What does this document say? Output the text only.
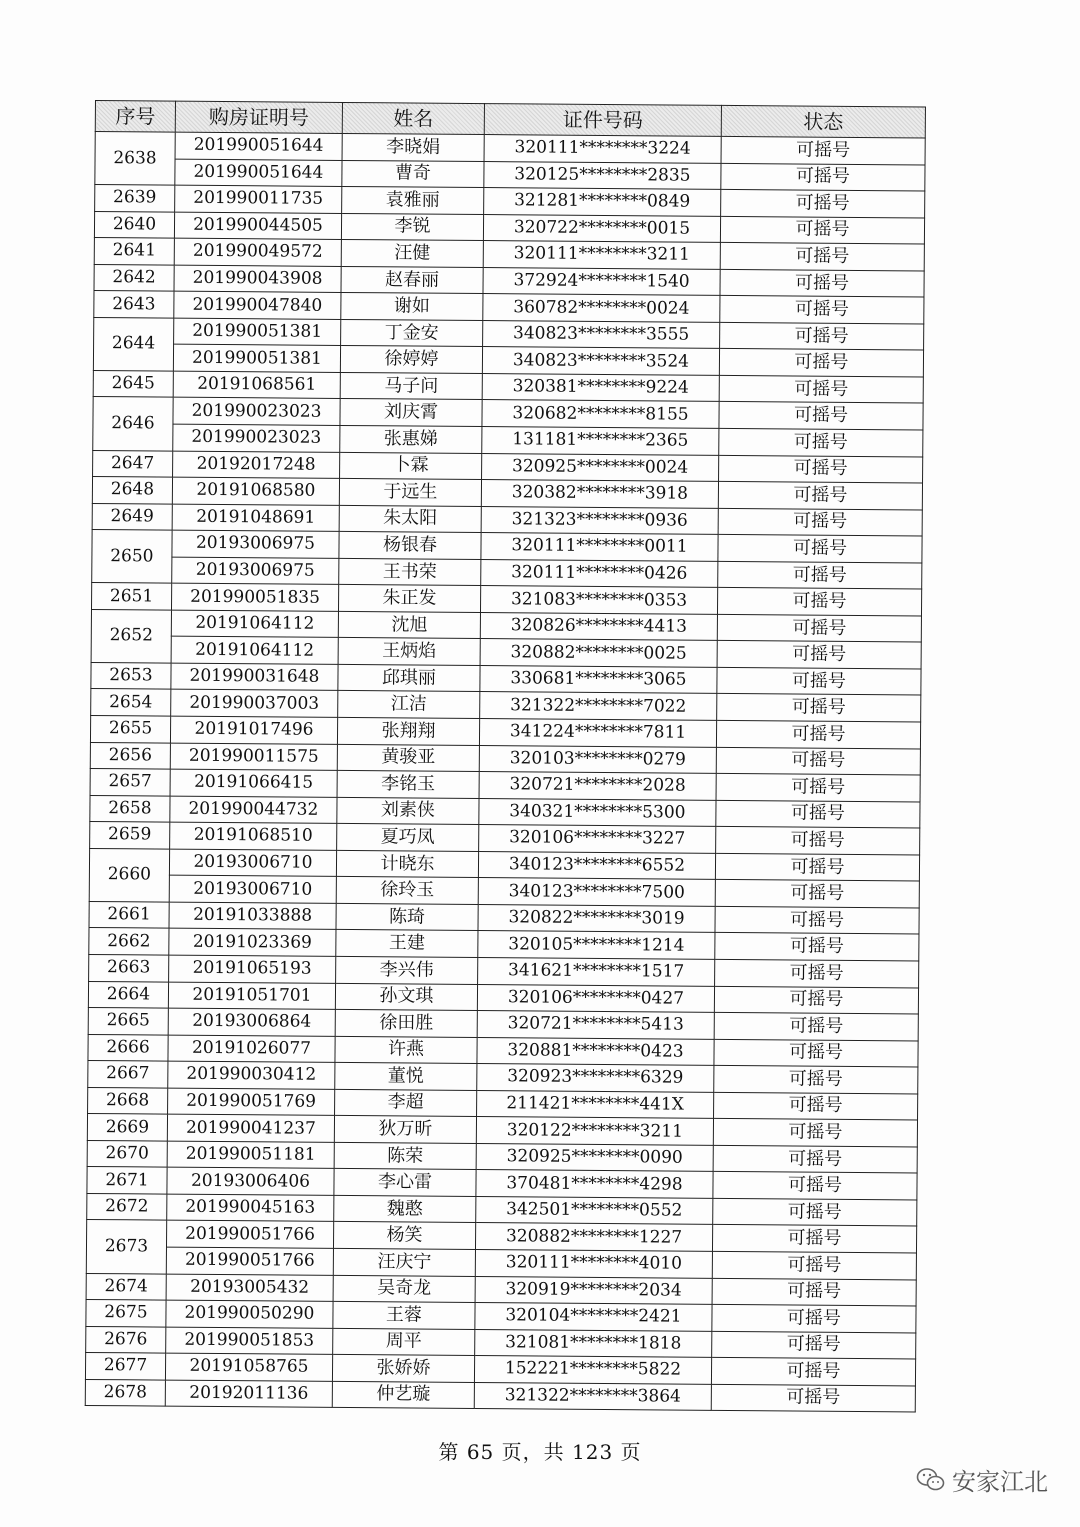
序号	购房证明号	姓名	证件号码	状态
2638	201990051644	李晓娟	320111********3224	可摇号
	201990051644	曹奇	320125********2835	可摇号
2639	201990011735	袁雅丽	321281********0849	可摇号
2640	201990044505	李锐	320722********0015	可摇号
2641	201990049572	汪健	320111********3211	可摇号
2642	201990043908	赵春丽	372924********1540	可摇号
2643	201990047840	谢如	360782********0024	可摇号
2644	201990051381	丁金安	340823********3555	可摇号
	201990051381	徐婷婷	340823********3524	可摇号
2645	20191068561	马子问	320381********9224	可摇号
2646	201990023023	刘庆霄	320682********8155	可摇号
	201990023023	张惠娣	131181********2365	可摇号
2647	20192017248	卜霖	320925********0024	可摇号
2648	20191068580	于远生	320382********3918	可摇号
2649	20191048691	朱太阳	321323********0936	可摇号
2650	20193006975	杨银春	320111********0011	可摇号
	20193006975	王书荣	320111********0426	可摇号
2651	201990051835	朱正发	321083********0353	可摇号
2652	20191064112	沈旭	320826********4413	可摇号
	20191064112	王炳焰	320882********0025	可摇号
2653	201990031648	邱琪丽	330681********3065	可摇号
2654	201990037003	江洁	321322********7022	可摇号
2655	20191017496	张翔翔	341224********7811	可摇号
2656	201990011575	黄骏亚	320103********0279	可摇号
2657	20191066415	李铭玉	320721********2028	可摇号
2658	201990044732	刘素侠	340321********5300	可摇号
2659	20191068510	夏巧凤	320106********3227	可摇号
2660	20193006710	计晓东	340123********6552	可摇号
	20193006710	徐玲玉	340123********7500	可摇号
2661	20191033888	陈琦	320822********3019	可摇号
2662	20191023369	王建	320105********1214	可摇号
2663	20191065193	李兴伟	341621********1517	可摇号
2664	20191051701	孙文琪	320106********0427	可摇号
2665	20193006864	徐田胜	320721********5413	可摇号
2666	20191026077	许燕	320881********0423	可摇号
2667	201990030412	董悦	320923********6329	可摇号
2668	201990051769	李超	211421********441X	可摇号
2669	201990041237	狄万昕	320122********3211	可摇号
2670	201990051181	陈荣	320925********0090	可摇号
2671	20193006406	李心雷	370481********4298	可摇号
2672	201990045163	魏憨	342501********0552	可摇号
2673	201990051766	杨笑	320882********1227	可摇号
	201990051766	汪庆宁	320111********4010	可摇号
2674	20193005432	吴奇龙	320919********2034	可摇号
2675	201990050290	王蓉	320104********2421	可摇号
2676	201990051853	周平	321081********1818	可摇号
2677	20191058765	张娇娇	152221********5822	可摇号
2678	20192011136	仲艺璇	321322********3864	可摇号
第 65 页，共 123 页
安家江北
